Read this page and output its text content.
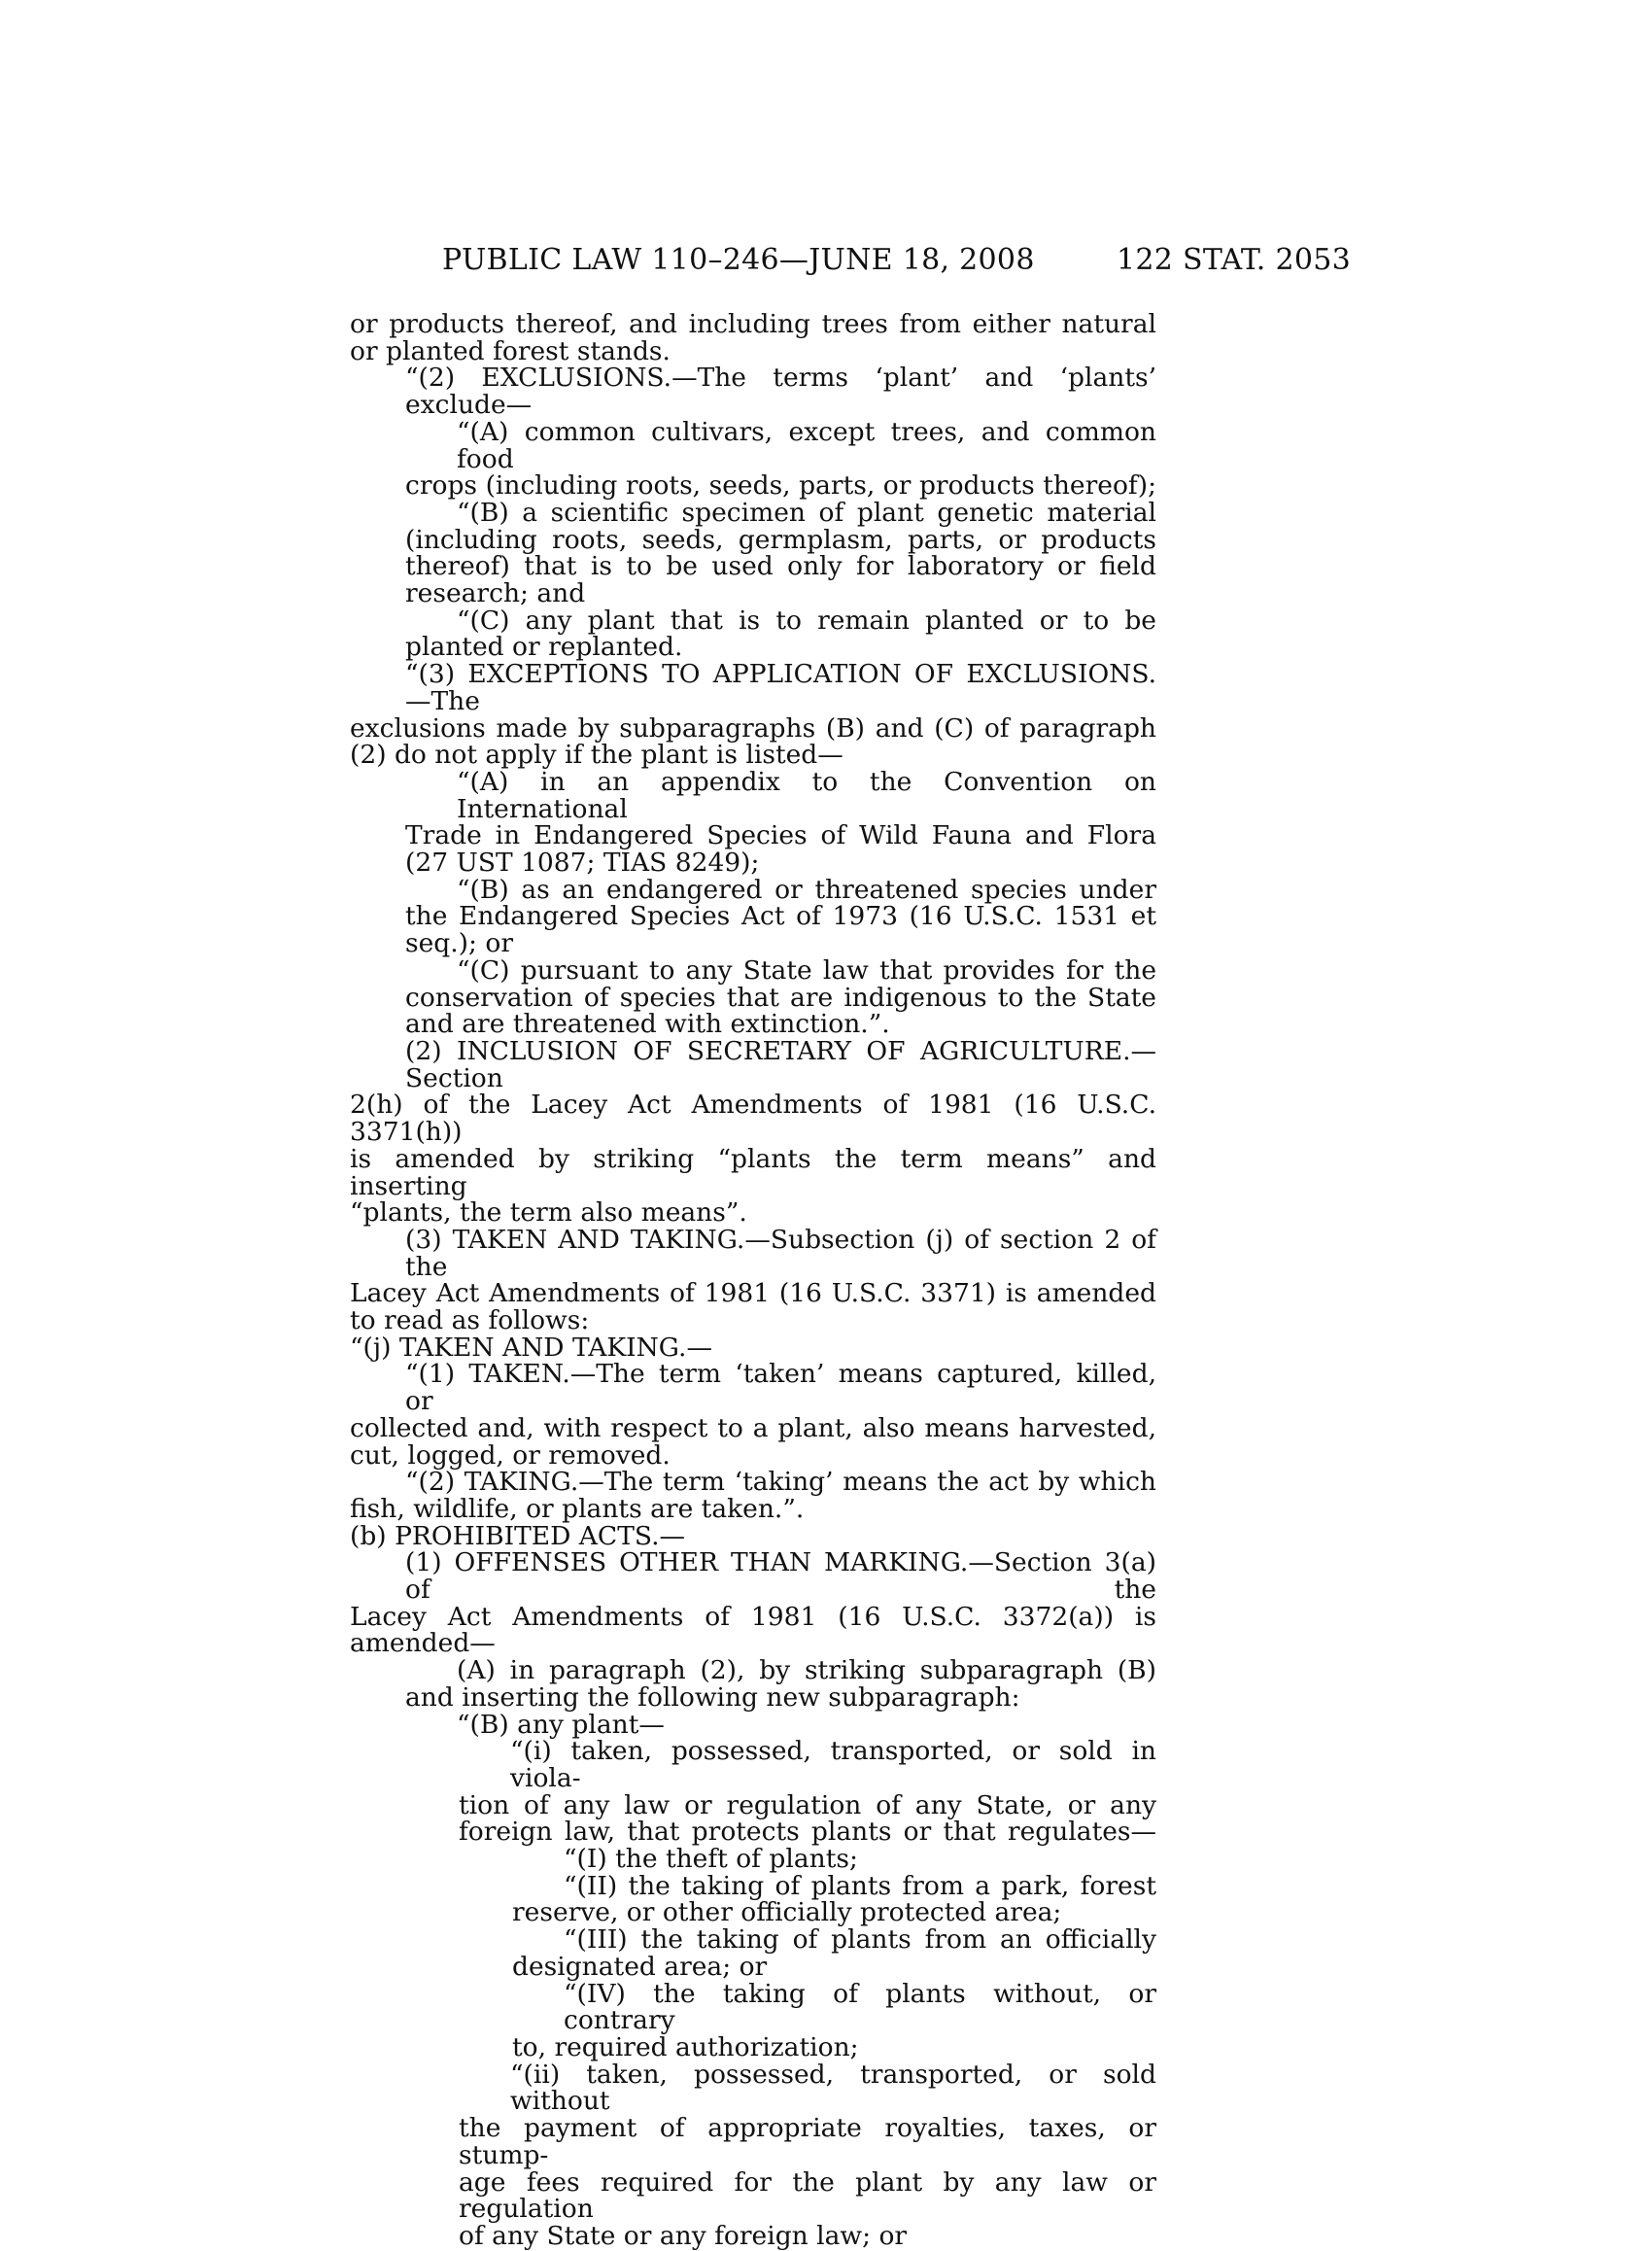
PUBLIC LAW 110–246—JUNE 18, 2008	122 STAT. 2053
or products thereof, and including trees from either natural
or planted forest stands.
“(2) EXCLUSIONS.—The terms ‘plant’ and ‘plants’ exclude—
“(A) common cultivars, except trees, and common food
crops (including roots, seeds, parts, or products thereof);
“(B) a scientific specimen of plant genetic material
(including roots, seeds, germplasm, parts, or products
thereof) that is to be used only for laboratory or field
research; and
“(C) any plant that is to remain planted or to be
planted or replanted.
“(3) EXCEPTIONS TO APPLICATION OF EXCLUSIONS.—The
exclusions made by subparagraphs (B) and (C) of paragraph
(2) do not apply if the plant is listed—
“(A) in an appendix to the Convention on International
Trade in Endangered Species of Wild Fauna and Flora
(27 UST 1087; TIAS 8249);
“(B) as an endangered or threatened species under
the Endangered Species Act of 1973 (16 U.S.C. 1531 et
seq.); or
“(C) pursuant to any State law that provides for the
conservation of species that are indigenous to the State
and are threatened with extinction.”.
(2) INCLUSION OF SECRETARY OF AGRICULTURE.—Section
2(h) of the Lacey Act Amendments of 1981 (16 U.S.C. 3371(h))
is amended by striking “plants the term means” and inserting
“plants, the term also means”.
(3) TAKEN AND TAKING.—Subsection (j) of section 2 of the
Lacey Act Amendments of 1981 (16 U.S.C. 3371) is amended
to read as follows:
“(j) TAKEN AND TAKING.—
“(1) TAKEN.—The term ‘taken’ means captured, killed, or
collected and, with respect to a plant, also means harvested,
cut, logged, or removed.
“(2) TAKING.—The term ‘taking’ means the act by which
fish, wildlife, or plants are taken.”.
(b) PROHIBITED ACTS.—
(1) OFFENSES OTHER THAN MARKING.—Section 3(a) of the
Lacey Act Amendments of 1981 (16 U.S.C. 3372(a)) is
amended—
(A) in paragraph (2), by striking subparagraph (B)
and inserting the following new subparagraph:
“(B) any plant—
“(i) taken, possessed, transported, or sold in viola-
tion of any law or regulation of any State, or any
foreign law, that protects plants or that regulates—
“(I) the theft of plants;
“(II) the taking of plants from a park, forest
reserve, or other officially protected area;
“(III) the taking of plants from an officially
designated area; or
“(IV) the taking of plants without, or contrary
to, required authorization;
“(ii) taken, possessed, transported, or sold without
the payment of appropriate royalties, taxes, or stump-
age fees required for the plant by any law or regulation
of any State or any foreign law; or
